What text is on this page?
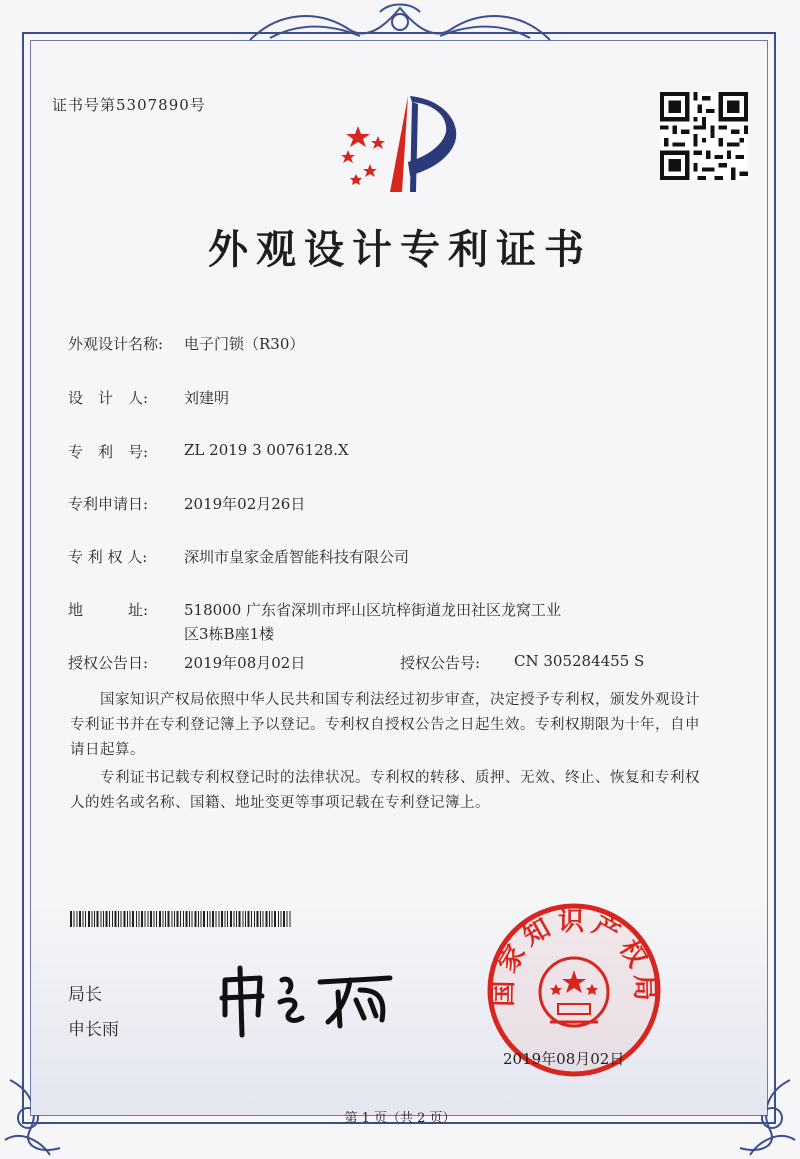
证书号第5307890号
外观设计专利证书
外观设计名称: 电子门锁（R30）
设　计　人: 刘建明
专　利　号: ZL 2019 3 0076128.X
专利申请日: 2019年02月26日
专 利 权 人: 深圳市皇家金盾智能科技有限公司
地　　　址: 518000 广东省深圳市坪山区坑梓街道龙田社区龙窝工业
区3栋B座1楼
授权公告日: 2019年08月02日	授权公告号: CN 305284455 S
国家知识产权局依照中华人民共和国专利法经过初步审查，决定授予专利权，颁发外观设计专利证书并在专利登记簿上予以登记。专利权自授权公告之日起生效。专利权期限为十年，自申请日起算。
专利证书记载专利权登记时的法律状况。专利权的转移、质押、无效、终止、恢复和专利权人的姓名或名称、国籍、地址变更等事项记载在专利登记簿上。
局长
申长雨
国家知识产权局
2019年08月02日
第 1 页（共 2 页）
